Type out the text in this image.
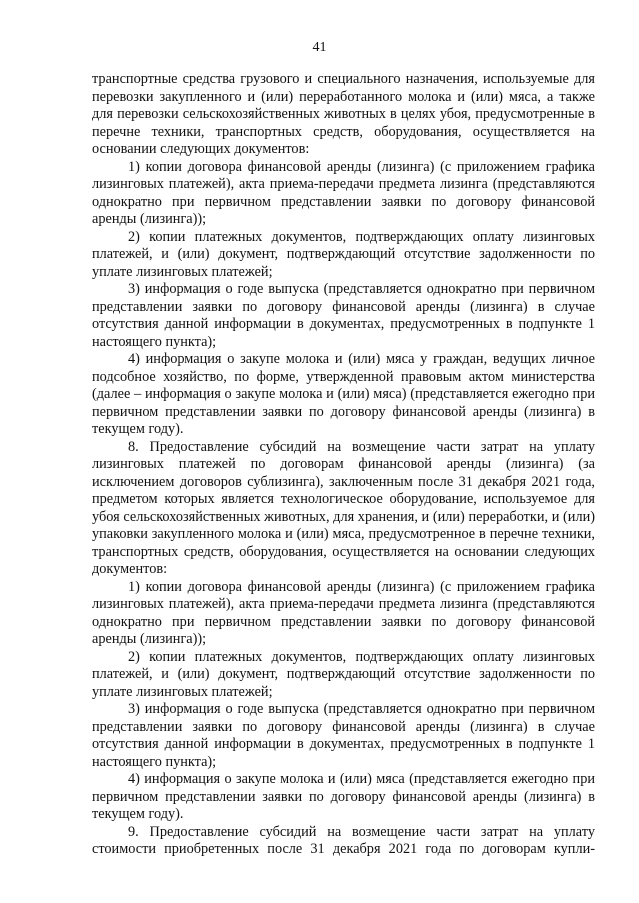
41

транспортные средства грузового и специального назначения, используемые для перевозки закупленного и (или) переработанного молока и (или) мяса, а также для перевозки сельскохозяйственных животных в целях убоя, предусмотренные в перечне техники, транспортных средств, оборудования, осуществляется на основании следующих документов:

1) копии договора финансовой аренды (лизинга) (с приложением графика лизинговых платежей), акта приема-передачи предмета лизинга (представляются однократно при первичном представлении заявки по договору финансовой аренды (лизинга));

2) копии платежных документов, подтверждающих оплату лизинговых платежей, и (или) документ, подтверждающий отсутствие задолженности по уплате лизинговых платежей;

3) информация о годе выпуска (представляется однократно при первичном представлении заявки по договору финансовой аренды (лизинга) в случае отсутствия данной информации в документах, предусмотренных в подпункте 1 настоящего пункта);

4) информация о закупе молока и (или) мяса у граждан, ведущих личное подсобное хозяйство, по форме, утвержденной правовым актом министерства (далее – информация о закупе молока и (или) мяса) (представляется ежегодно при первичном представлении заявки по договору финансовой аренды (лизинга) в текущем году).

8. Предоставление субсидий на возмещение части затрат на уплату лизинговых платежей по договорам финансовой аренды (лизинга) (за исключением договоров сублизинга), заключенным после 31 декабря 2021 года, предметом которых является технологическое оборудование, используемое для убоя сельскохозяйственных животных, для хранения, и (или) переработки, и (или) упаковки закупленного молока и (или) мяса, предусмотренное в перечне техники, транспортных средств, оборудования, осуществляется на основании следующих документов:

1) копии договора финансовой аренды (лизинга) (с приложением графика лизинговых платежей), акта приема-передачи предмета лизинга (представляются однократно при первичном представлении заявки по договору финансовой аренды (лизинга));

2) копии платежных документов, подтверждающих оплату лизинговых платежей, и (или) документ, подтверждающий отсутствие задолженности по уплате лизинговых платежей;

3) информация о годе выпуска (представляется однократно при первичном представлении заявки по договору финансовой аренды (лизинга) в случае отсутствия данной информации в документах, предусмотренных в подпункте 1 настоящего пункта);

4) информация о закупе молока и (или) мяса (представляется ежегодно при первичном представлении заявки по договору финансовой аренды (лизинга) в текущем году).

9. Предоставление субсидий на возмещение части затрат на уплату стоимости приобретенных после 31 декабря 2021 года по договорам купли-
